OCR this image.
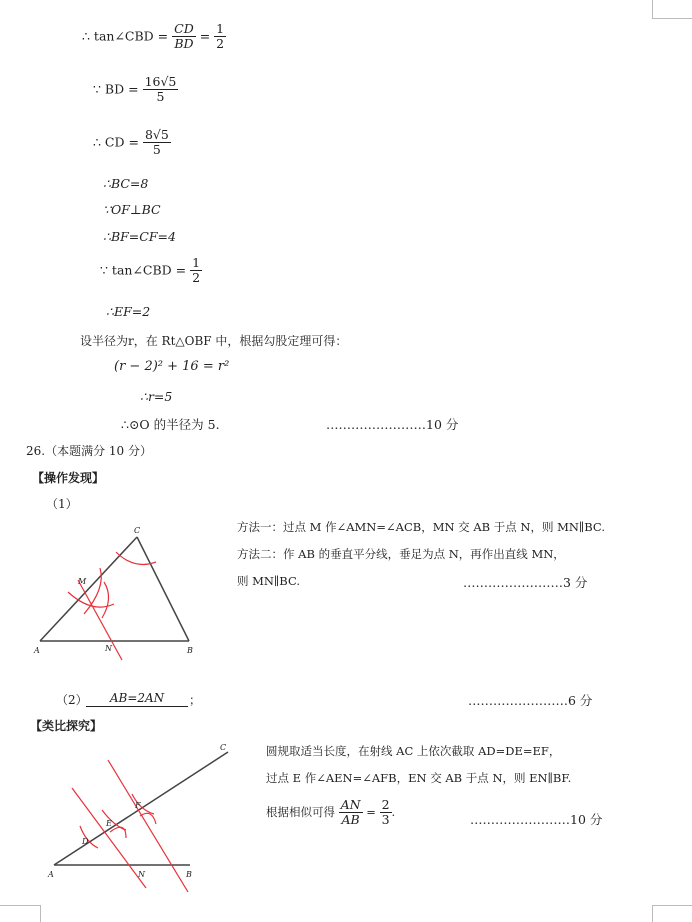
∴ tan∠CBD = $\frac{CD}{BD} = \frac{1}{2}$
∵ BD = $\frac{16√5}{5}$
∴ CD = $\frac{8√5}{5}$
∴BC=8
∵OF⊥BC
∴BF=CF=4
∵ tan∠CBD = $\frac{1}{2}$
∴EF=2
设半径为r，在 Rt△OBF 中，根据勾股定理可得：
(r − 2)² + 16 = r²
∴r=5
∴⊙O 的半径为 5.	……………………10 分
26.（本题满分 10 分）
【操作发现】
（1）
方法一：过点 M 作∠AMN=∠ACB，MN 交 AB 于点 N，则 MN∥BC.
方法二：作 AB 的垂直平分线，垂足为点 N，再作出直线 MN，
则 MN∥BC.	……………………3 分
A	B
C
M
N
（2）	AB=2AN	；	……………………6 分
【类比探究】
圆规取适当长度，在射线 AC 上依次截取 AD=DE=EF，
过点 E 作∠AEN=∠AFB，EN 交 AB 于点 N，则 EN∥BF.
根据相似可得 $\frac{AN}{AB} = \frac{2}{3}$ .
……………………10 分
A	B
C
D
E
F
N
